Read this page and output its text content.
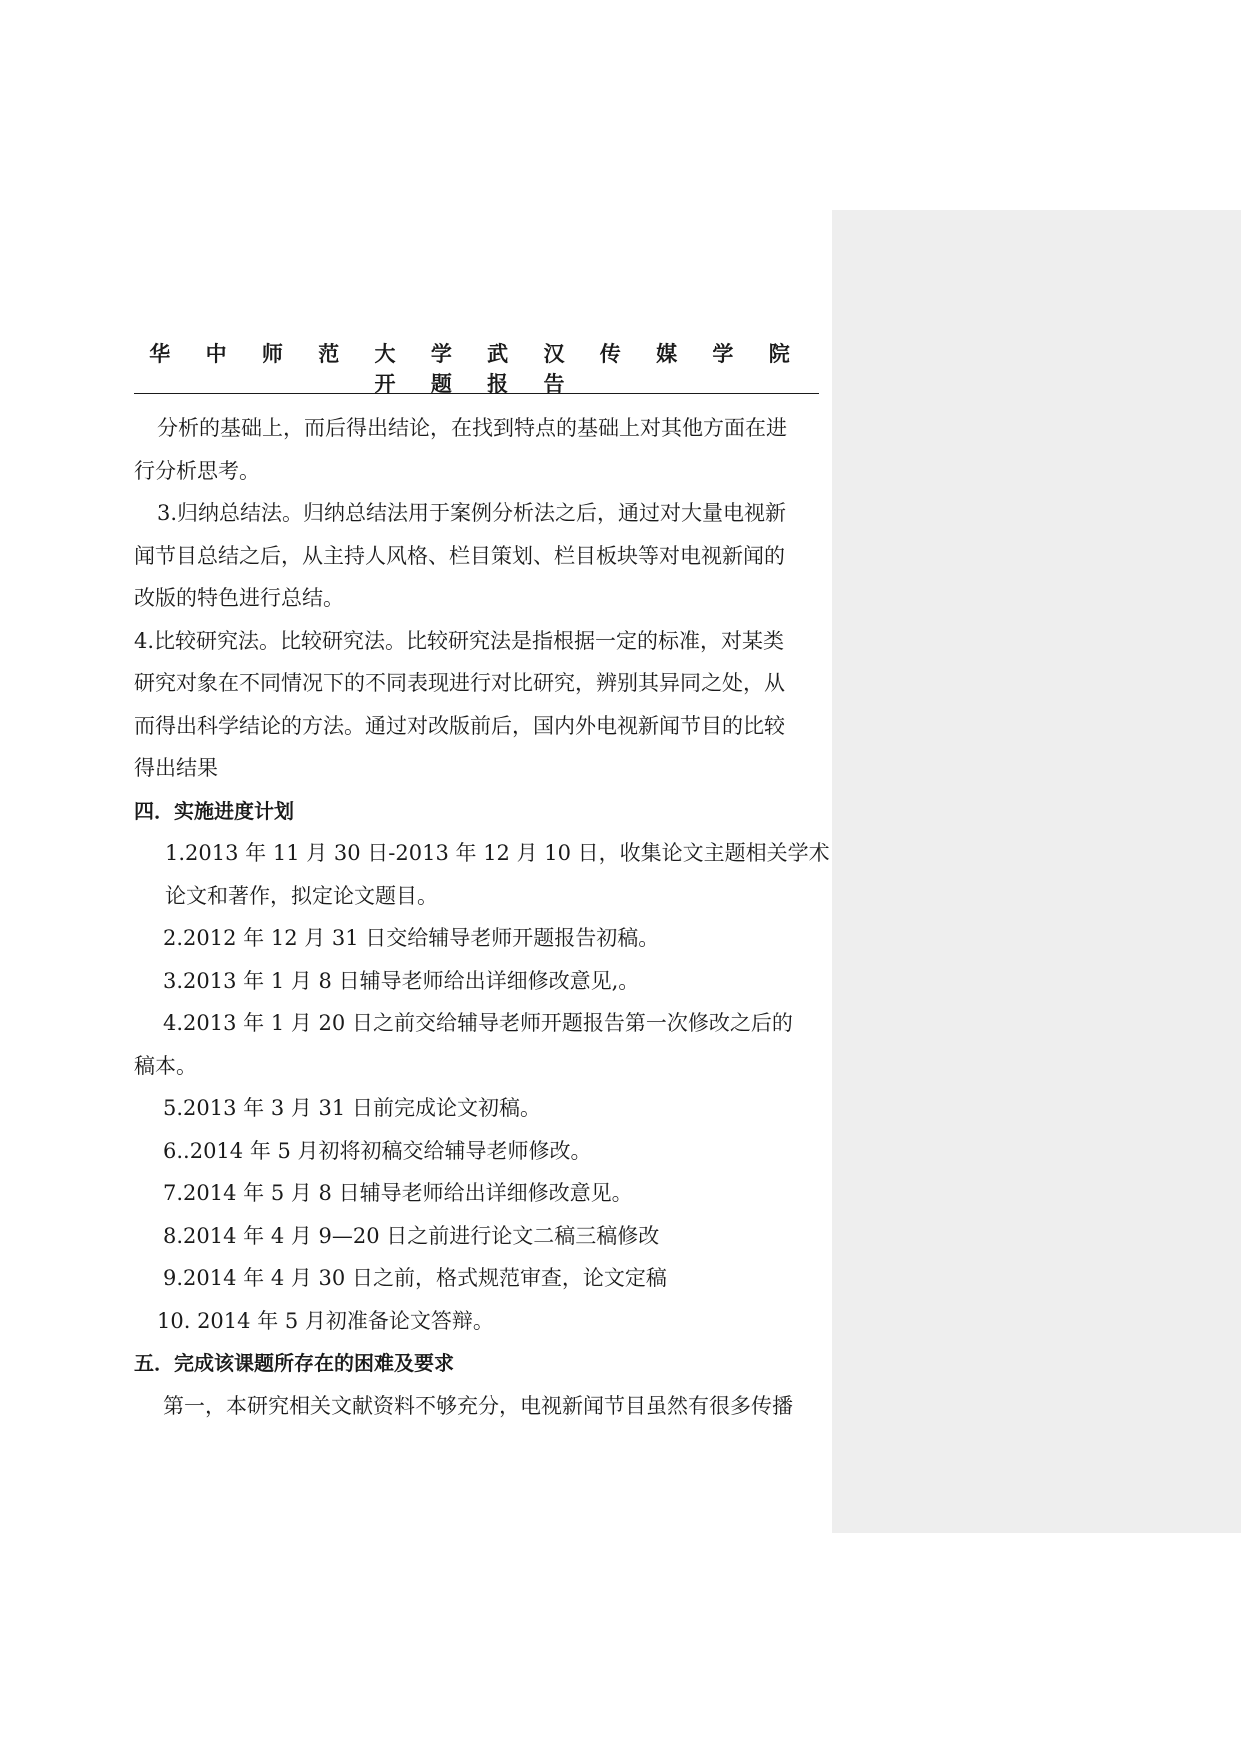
华 中 师 范 大 学 武 汉 传 媒 学 院 开 题 报 告

分析的基础上，而后得出结论，在找到特点的基础上对其他方面在进

行分析思考。

3.归纳总结法。归纳总结法用于案例分析法之后，通过对大量电视新

闻节目总结之后，从主持人风格、栏目策划、栏目板块等对电视新闻的

改版的特色进行总结。

4.比较研究法。比较研究法。比较研究法是指根据一定的标准，对某类

研究对象在不同情况下的不同表现进行对比研究，辨别其异同之处，从

而得出科学结论的方法。通过对改版前后，国内外电视新闻节目的比较

得出结果

四．实施进度计划

1.2013 年 11 月 30 日-2013 年 12 月 10 日，收集论文主题相关学术

论文和著作，拟定论文题目。

2.2012 年 12 月 31 日交给辅导老师开题报告初稿。

3.2013 年 1 月 8 日辅导老师给出详细修改意见,。

4.2013 年 1 月 20 日之前交给辅导老师开题报告第一次修改之后的

稿本。

5.2013 年 3 月 31 日前完成论文初稿。

6..2014 年 5 月初将初稿交给辅导老师修改。

7.2014 年 5 月 8 日辅导老师给出详细修改意见。

8.2014 年 4 月 9—20 日之前进行论文二稿三稿修改

9.2014 年 4 月 30 日之前，格式规范审查，论文定稿

10. 2014 年 5 月初准备论文答辩。

五．完成该课题所存在的困难及要求

第一，本研究相关文献资料不够充分，电视新闻节目虽然有很多传播
